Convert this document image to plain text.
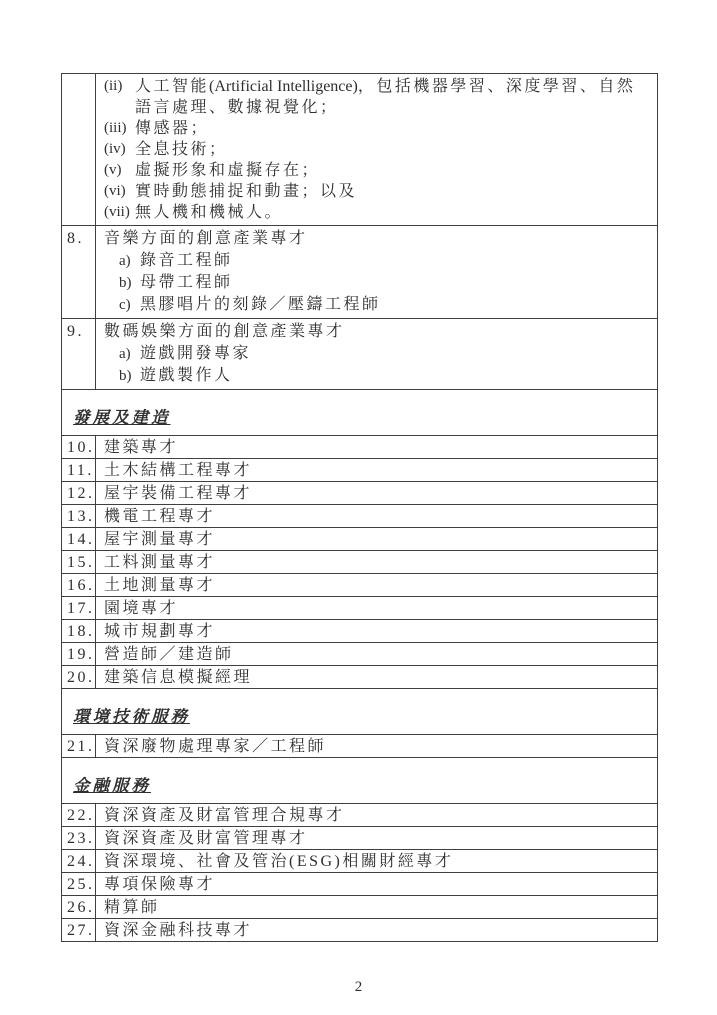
(ii) 人工智能(Artificial Intelligence)，包括機器學習、深度學習、自然
語言處理、數據視覺化；
(iii) 傳感器；
(iv) 全息技術；
(v) 虛擬形象和虛擬存在；
(vi) 實時動態捕捉和動畫；以及
(vii) 無人機和機械人。

8.	音樂方面的創意產業專才
a) 錄音工程師
b) 母帶工程師
c) 黑膠唱片的刻錄／壓鑄工程師

9.	數碼娛樂方面的創意產業專才
a) 遊戲開發專家
b) 遊戲製作人

發展及建造	
10.	建築專才
11.	土木結構工程專才
12.	屋宇裝備工程專才
13.	機電工程專才
14.	屋宇測量專才
15.	工料測量專才
16.	土地測量專才
17.	園境專才
18.	城市規劃專才
19.	營造師／建造師
20.	建築信息模擬經理
環境技術服務	
21.	資深廢物處理專家／工程師
金融服務	
22.	資深資產及財富管理合規專才
23.	資深資產及財富管理專才
24.	資深環境、社會及管治(ESG)相關財經專才
25.	專項保險專才
26.	精算師
27.	資深金融科技專才
2
